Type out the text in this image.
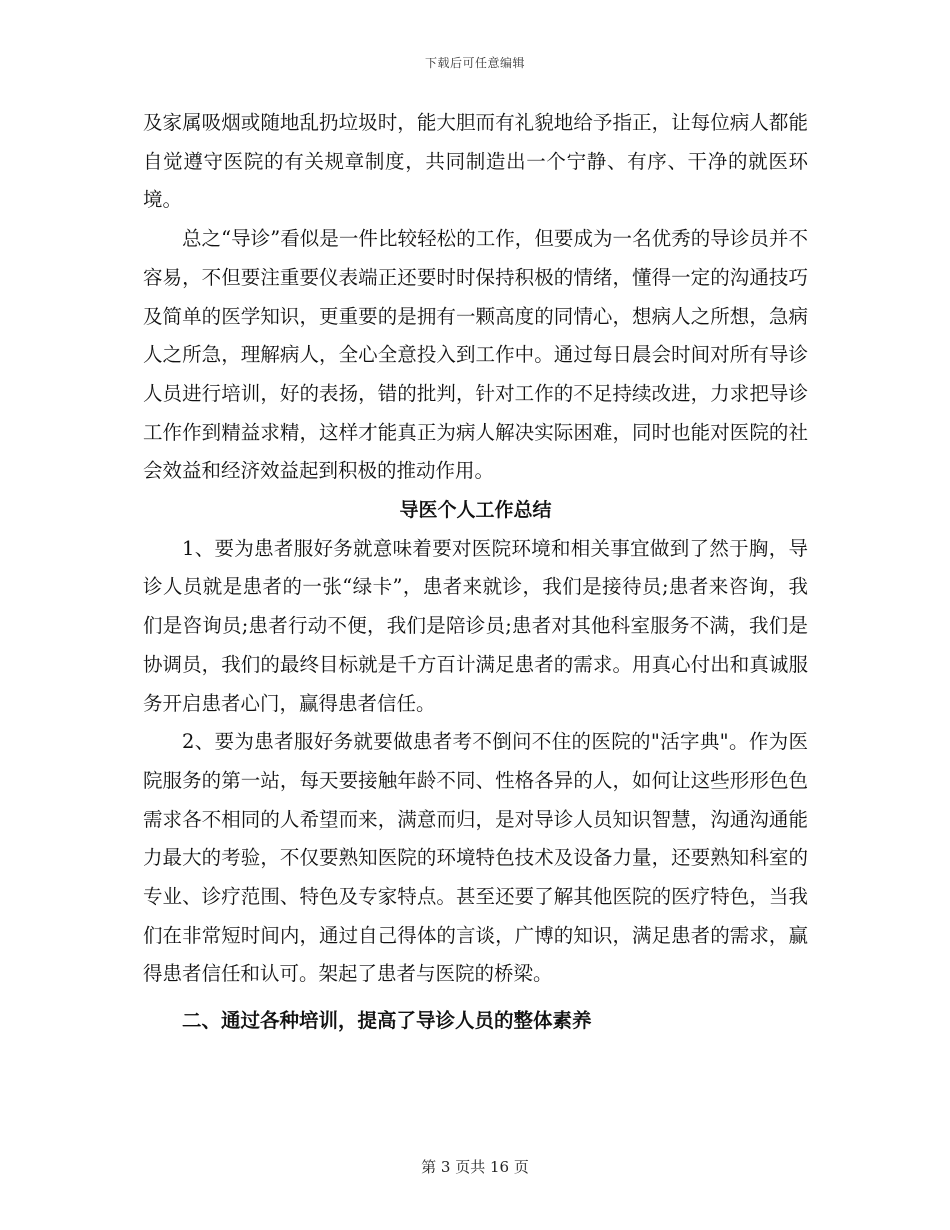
下载后可任意编辑

及家属吸烟或随地乱扔垃圾时，能大胆而有礼貌地给予指正，让每位病人都能自觉遵守医院的有关规章制度，共同制造出一个宁静、有序、干净的就医环境。

总之“导诊”看似是一件比较轻松的工作，但要成为一名优秀的导诊员并不容易，不但要注重要仪表端正还要时时保持积极的情绪，懂得一定的沟通技巧及简单的医学知识，更重要的是拥有一颗高度的同情心，想病人之所想，急病人之所急，理解病人，全心全意投入到工作中。通过每日晨会时间对所有导诊人员进行培训，好的表扬，错的批判，针对工作的不足持续改进，力求把导诊工作作到精益求精，这样才能真正为病人解决实际困难，同时也能对医院的社会效益和经济效益起到积极的推动作用。

导医个人工作总结

1、要为患者服好务就意味着要对医院环境和相关事宜做到了然于胸，导诊人员就是患者的一张“绿卡”，患者来就诊，我们是接待员;患者来咨询，我们是咨询员;患者行动不便，我们是陪诊员;患者对其他科室服务不满，我们是协调员，我们的最终目标就是千方百计满足患者的需求。用真心付出和真诚服务开启患者心门，赢得患者信任。

2、要为患者服好务就要做患者考不倒问不住的医院的"活字典"。作为医院服务的第一站，每天要接触年龄不同、性格各异的人，如何让这些形形色色需求各不相同的人希望而来，满意而归，是对导诊人员知识智慧，沟通沟通能力最大的考验，不仅要熟知医院的环境特色技术及设备力量，还要熟知科室的专业、诊疗范围、特色及专家特点。甚至还要了解其他医院的医疗特色，当我们在非常短时间内，通过自己得体的言谈，广博的知识，满足患者的需求，赢得患者信任和认可。架起了患者与医院的桥梁。

二、通过各种培训，提高了导诊人员的整体素养

第 3 页共 16 页
